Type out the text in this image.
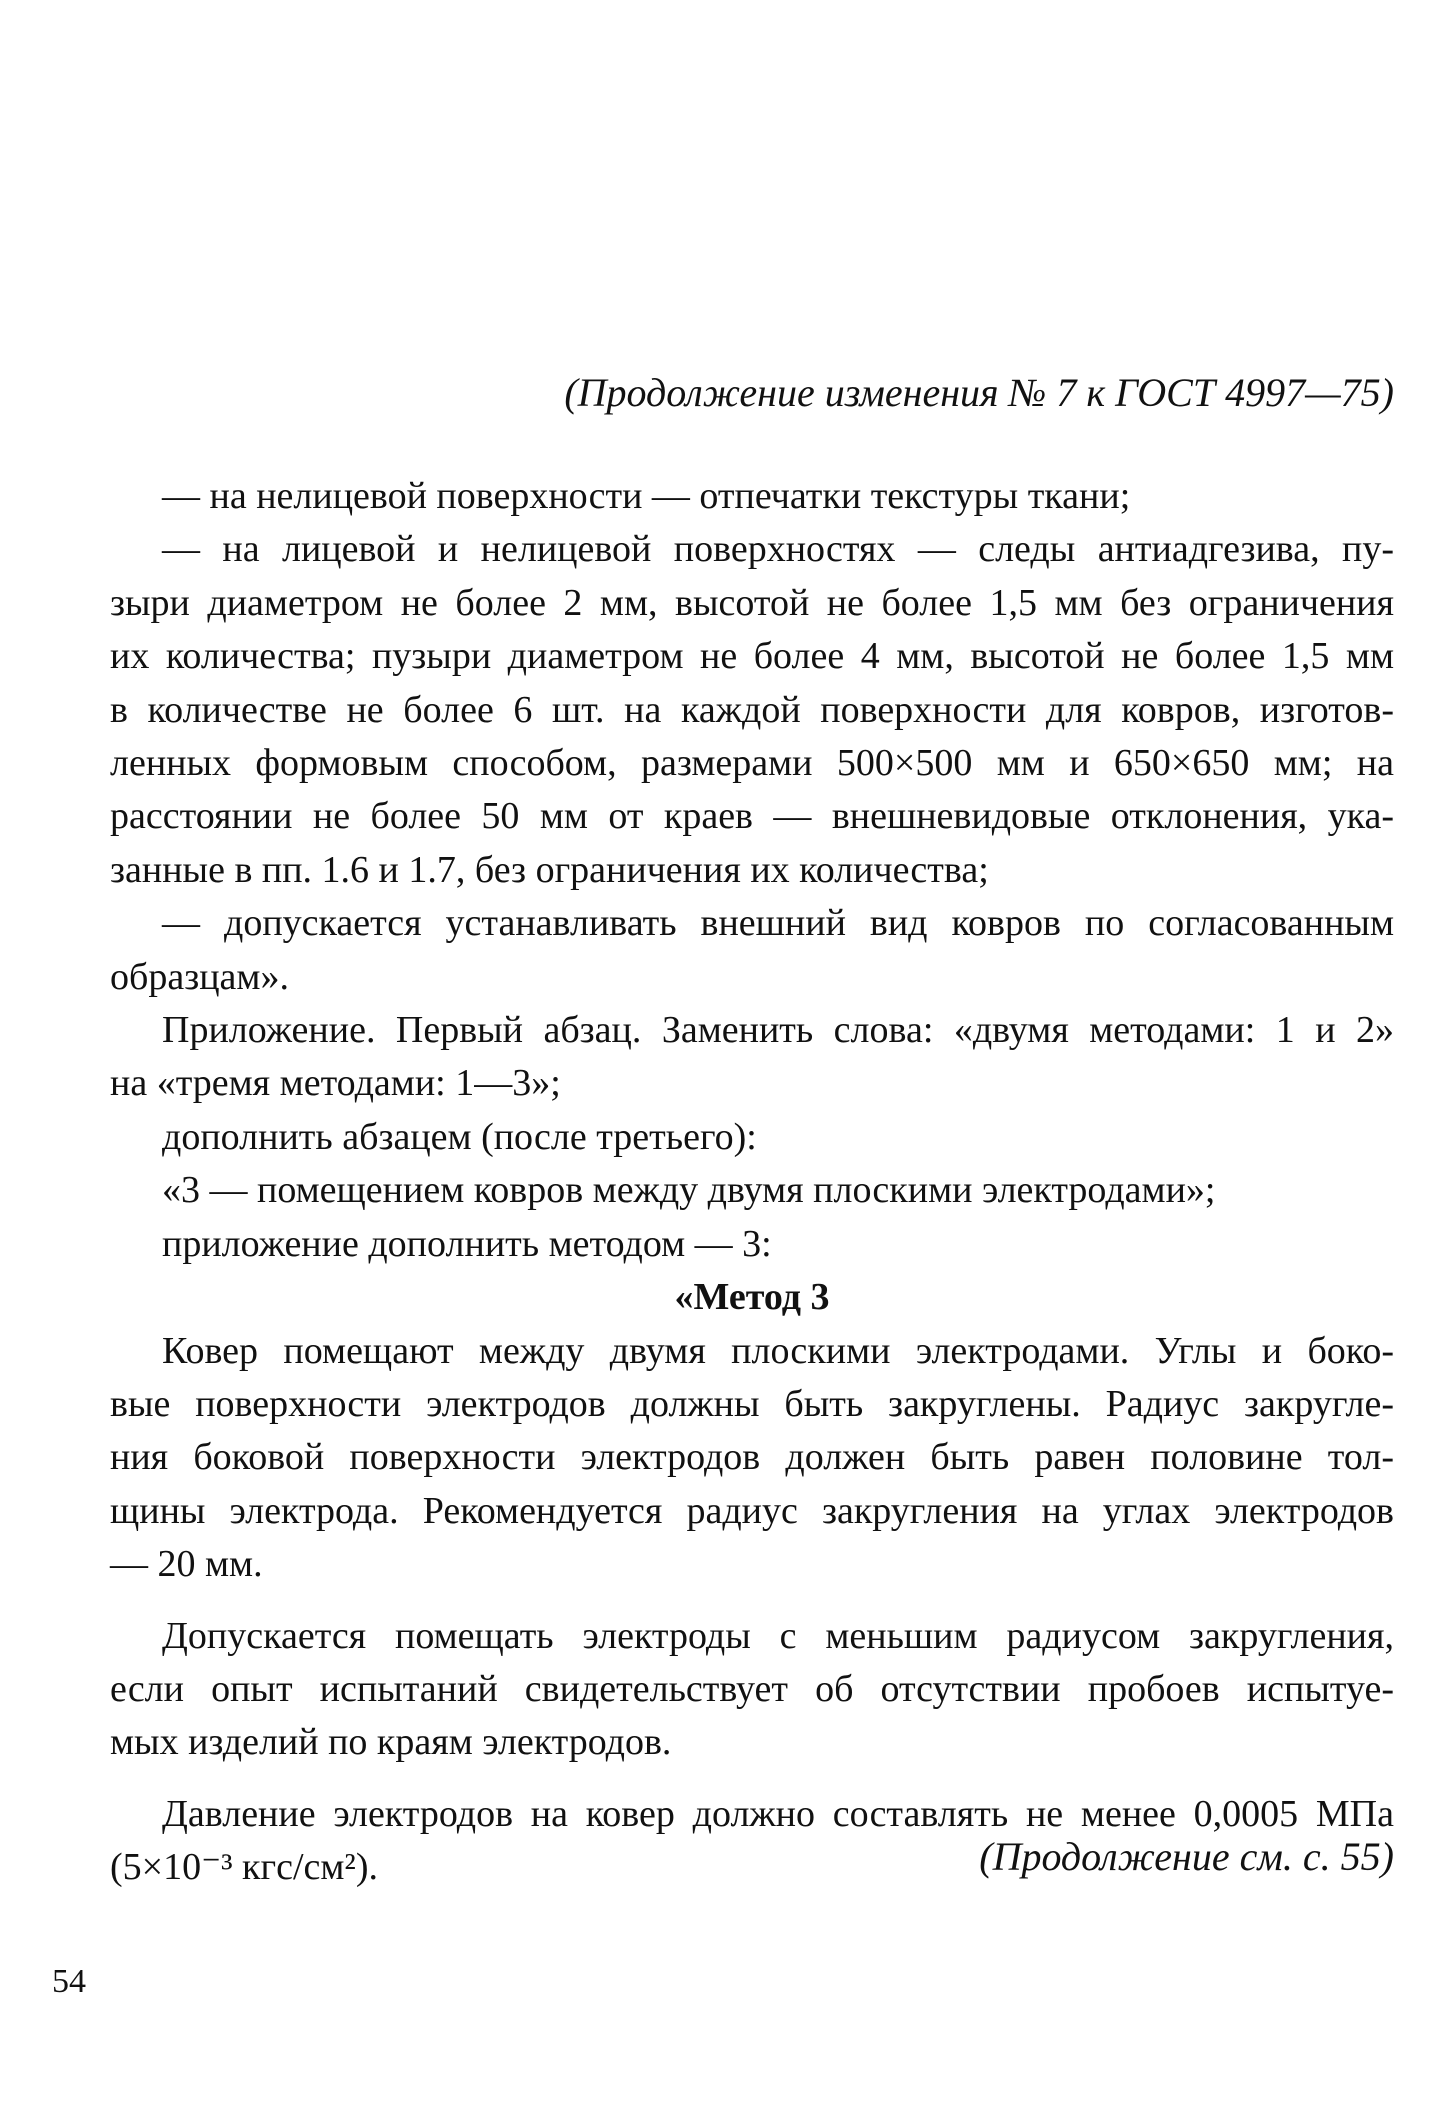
(Продолжение изменения № 7 к ГОСТ 4997—75)
— на нелицевой поверхности — отпечатки текстуры ткани;
— на лицевой и нелицевой поверхностях — следы антиадгезива, пу-
зыри диаметром не более 2 мм, высотой не более 1,5 мм без ограничения
их количества; пузыри диаметром не более 4 мм, высотой не более 1,5 мм
в количестве не более 6 шт. на каждой поверхности для ковров, изготов-
ленных формовым способом, размерами 500×500 мм и 650×650 мм; на
расстоянии не более 50 мм от краев — внешневидовые отклонения, ука-
занные в пп. 1.6 и 1.7, без ограничения их количества;
— допускается устанавливать внешний вид ковров по согласованным
образцам».
Приложение. Первый абзац. Заменить слова: «двумя методами: 1 и 2»
на «тремя методами: 1—3»;
дополнить абзацем (после третьего):
«3 — помещением ковров между двумя плоскими электродами»;
приложение дополнить методом — 3:
«Метод 3
Ковер помещают между двумя плоскими электродами. Углы и боко-
вые поверхности электродов должны быть закруглены. Радиус закругле-
ния боковой поверхности электродов должен быть равен половине тол-
щины электрода. Рекомендуется радиус закругления на углах электродов
— 20 мм.
Допускается помещать электроды с меньшим радиусом закругления,
если опыт испытаний свидетельствует об отсутствии пробоев испытуе-
мых изделий по краям электродов.
Давление электродов на ковер должно составлять не менее 0,0005 МПа
(5×10⁻³ кгс/см²).	(Продолжение см. с. 55)
54
